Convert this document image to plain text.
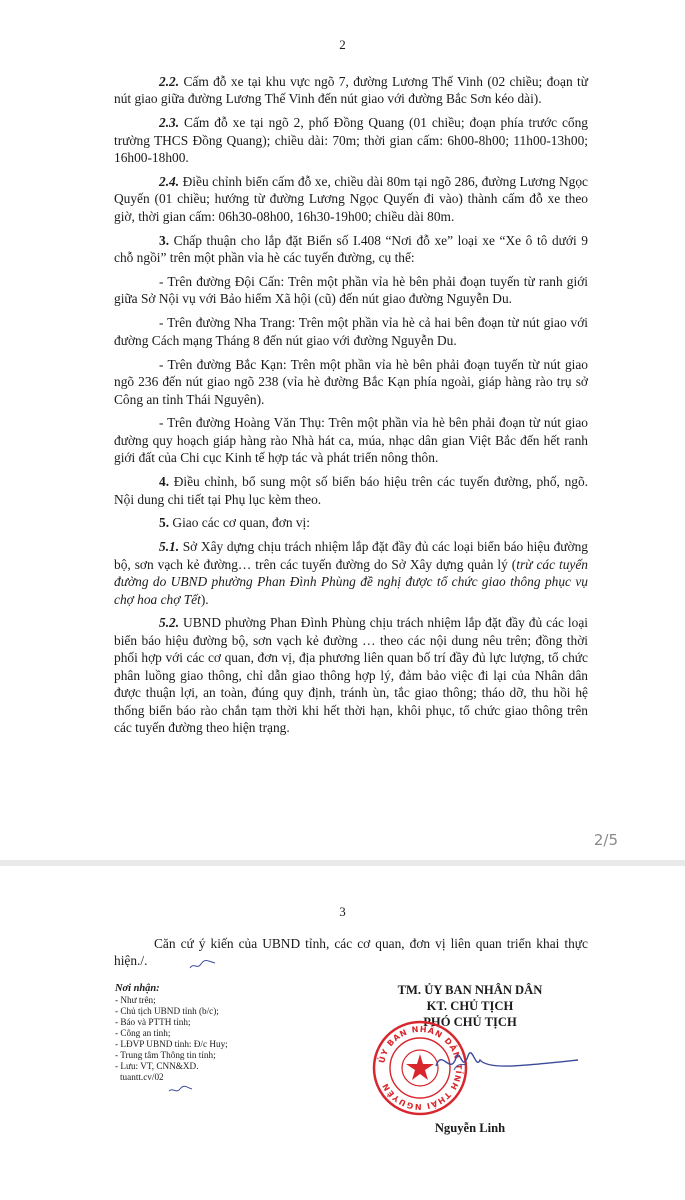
2

2.2. Cấm đỗ xe tại khu vực ngõ 7, đường Lương Thế Vinh (02 chiều; đoạn từ nút giao giữa đường Lương Thế Vinh đến nút giao với đường Bắc Sơn kéo dài).

2.3. Cấm đỗ xe tại ngõ 2, phố Đồng Quang (01 chiều; đoạn phía trước cổng trường THCS Đồng Quang); chiều dài: 70m; thời gian cấm: 6h00-8h00; 11h00-13h00; 16h00-18h00.

2.4. Điều chỉnh biển cấm đỗ xe, chiều dài 80m tại ngõ 286, đường Lương Ngọc Quyến (01 chiều; hướng từ đường Lương Ngọc Quyến đi vào) thành cấm đỗ xe theo giờ, thời gian cấm: 06h30-08h00, 16h30-19h00; chiều dài 80m.

3. Chấp thuận cho lắp đặt Biển số I.408 “Nơi đỗ xe” loại xe “Xe ô tô dưới 9 chỗ ngồi” trên một phần vỉa hè các tuyến đường, cụ thể:

- Trên đường Đội Cấn: Trên một phần vỉa hè bên phải đoạn tuyến từ ranh giới giữa Sở Nội vụ với Bảo hiểm Xã hội (cũ) đến nút giao đường Nguyễn Du.

- Trên đường Nha Trang: Trên một phần vỉa hè cả hai bên đoạn từ nút giao với đường Cách mạng Tháng 8 đến nút giao với đường Nguyễn Du.

- Trên đường Bắc Kạn: Trên một phần vỉa hè bên phải đoạn tuyến từ nút giao ngõ 236 đến nút giao ngõ 238 (vỉa hè đường Bắc Kạn phía ngoài, giáp hàng rào trụ sở Công an tỉnh Thái Nguyên).

- Trên đường Hoàng Văn Thụ: Trên một phần vỉa hè bên phải đoạn từ nút giao đường quy hoạch giáp hàng rào Nhà hát ca, múa, nhạc dân gian Việt Bắc đến hết ranh giới đất của Chi cục Kinh tế hợp tác và phát triển nông thôn.

4. Điều chỉnh, bổ sung một số biển báo hiệu trên các tuyến đường, phố, ngõ. Nội dung chi tiết tại Phụ lục kèm theo.

5. Giao các cơ quan, đơn vị:

5.1. Sở Xây dựng chịu trách nhiệm lắp đặt đầy đủ các loại biển báo hiệu đường bộ, sơn vạch kẻ đường… trên các tuyến đường do Sở Xây dựng quản lý (trừ các tuyến đường do UBND phường Phan Đình Phùng đề nghị được tổ chức giao thông phục vụ chợ hoa chợ Tết).

5.2. UBND phường Phan Đình Phùng chịu trách nhiệm lắp đặt đầy đủ các loại biển báo hiệu đường bộ, sơn vạch kẻ đường … theo các nội dung nêu trên; đồng thời phối hợp với các cơ quan, đơn vị, địa phương liên quan bố trí đầy đủ lực lượng, tổ chức phân luồng giao thông, chỉ dẫn giao thông hợp lý, đảm bảo việc đi lại của Nhân dân được thuận lợi, an toàn, đúng quy định, tránh ùn, tắc giao thông; tháo dỡ, thu hồi hệ thống biển báo rào chắn tạm thời khi hết thời hạn, khôi phục, tổ chức giao thông trên các tuyến đường theo hiện trạng.

2/5
3

Căn cứ ý kiến của UBND tỉnh, các cơ quan, đơn vị liên quan triển khai thực hiện./.

Nơi nhận:
- Như trên;
- Chủ tịch UBND tỉnh (b/c);
- Báo và PTTH tỉnh;
- Công an tỉnh;
- LĐVP UBND tỉnh: Đ/c Huy;
- Trung tâm Thông tin tỉnh;
- Lưu: VT, CNN&XD.
tuantt.cv/02
TM. ỦY BAN NHÂN DÂN
KT. CHỦ TỊCH
PHÓ CHỦ TỊCH
ỦY BAN NHÂN DÂN TỈNH THÁI NGUYÊN
Nguyễn Linh
